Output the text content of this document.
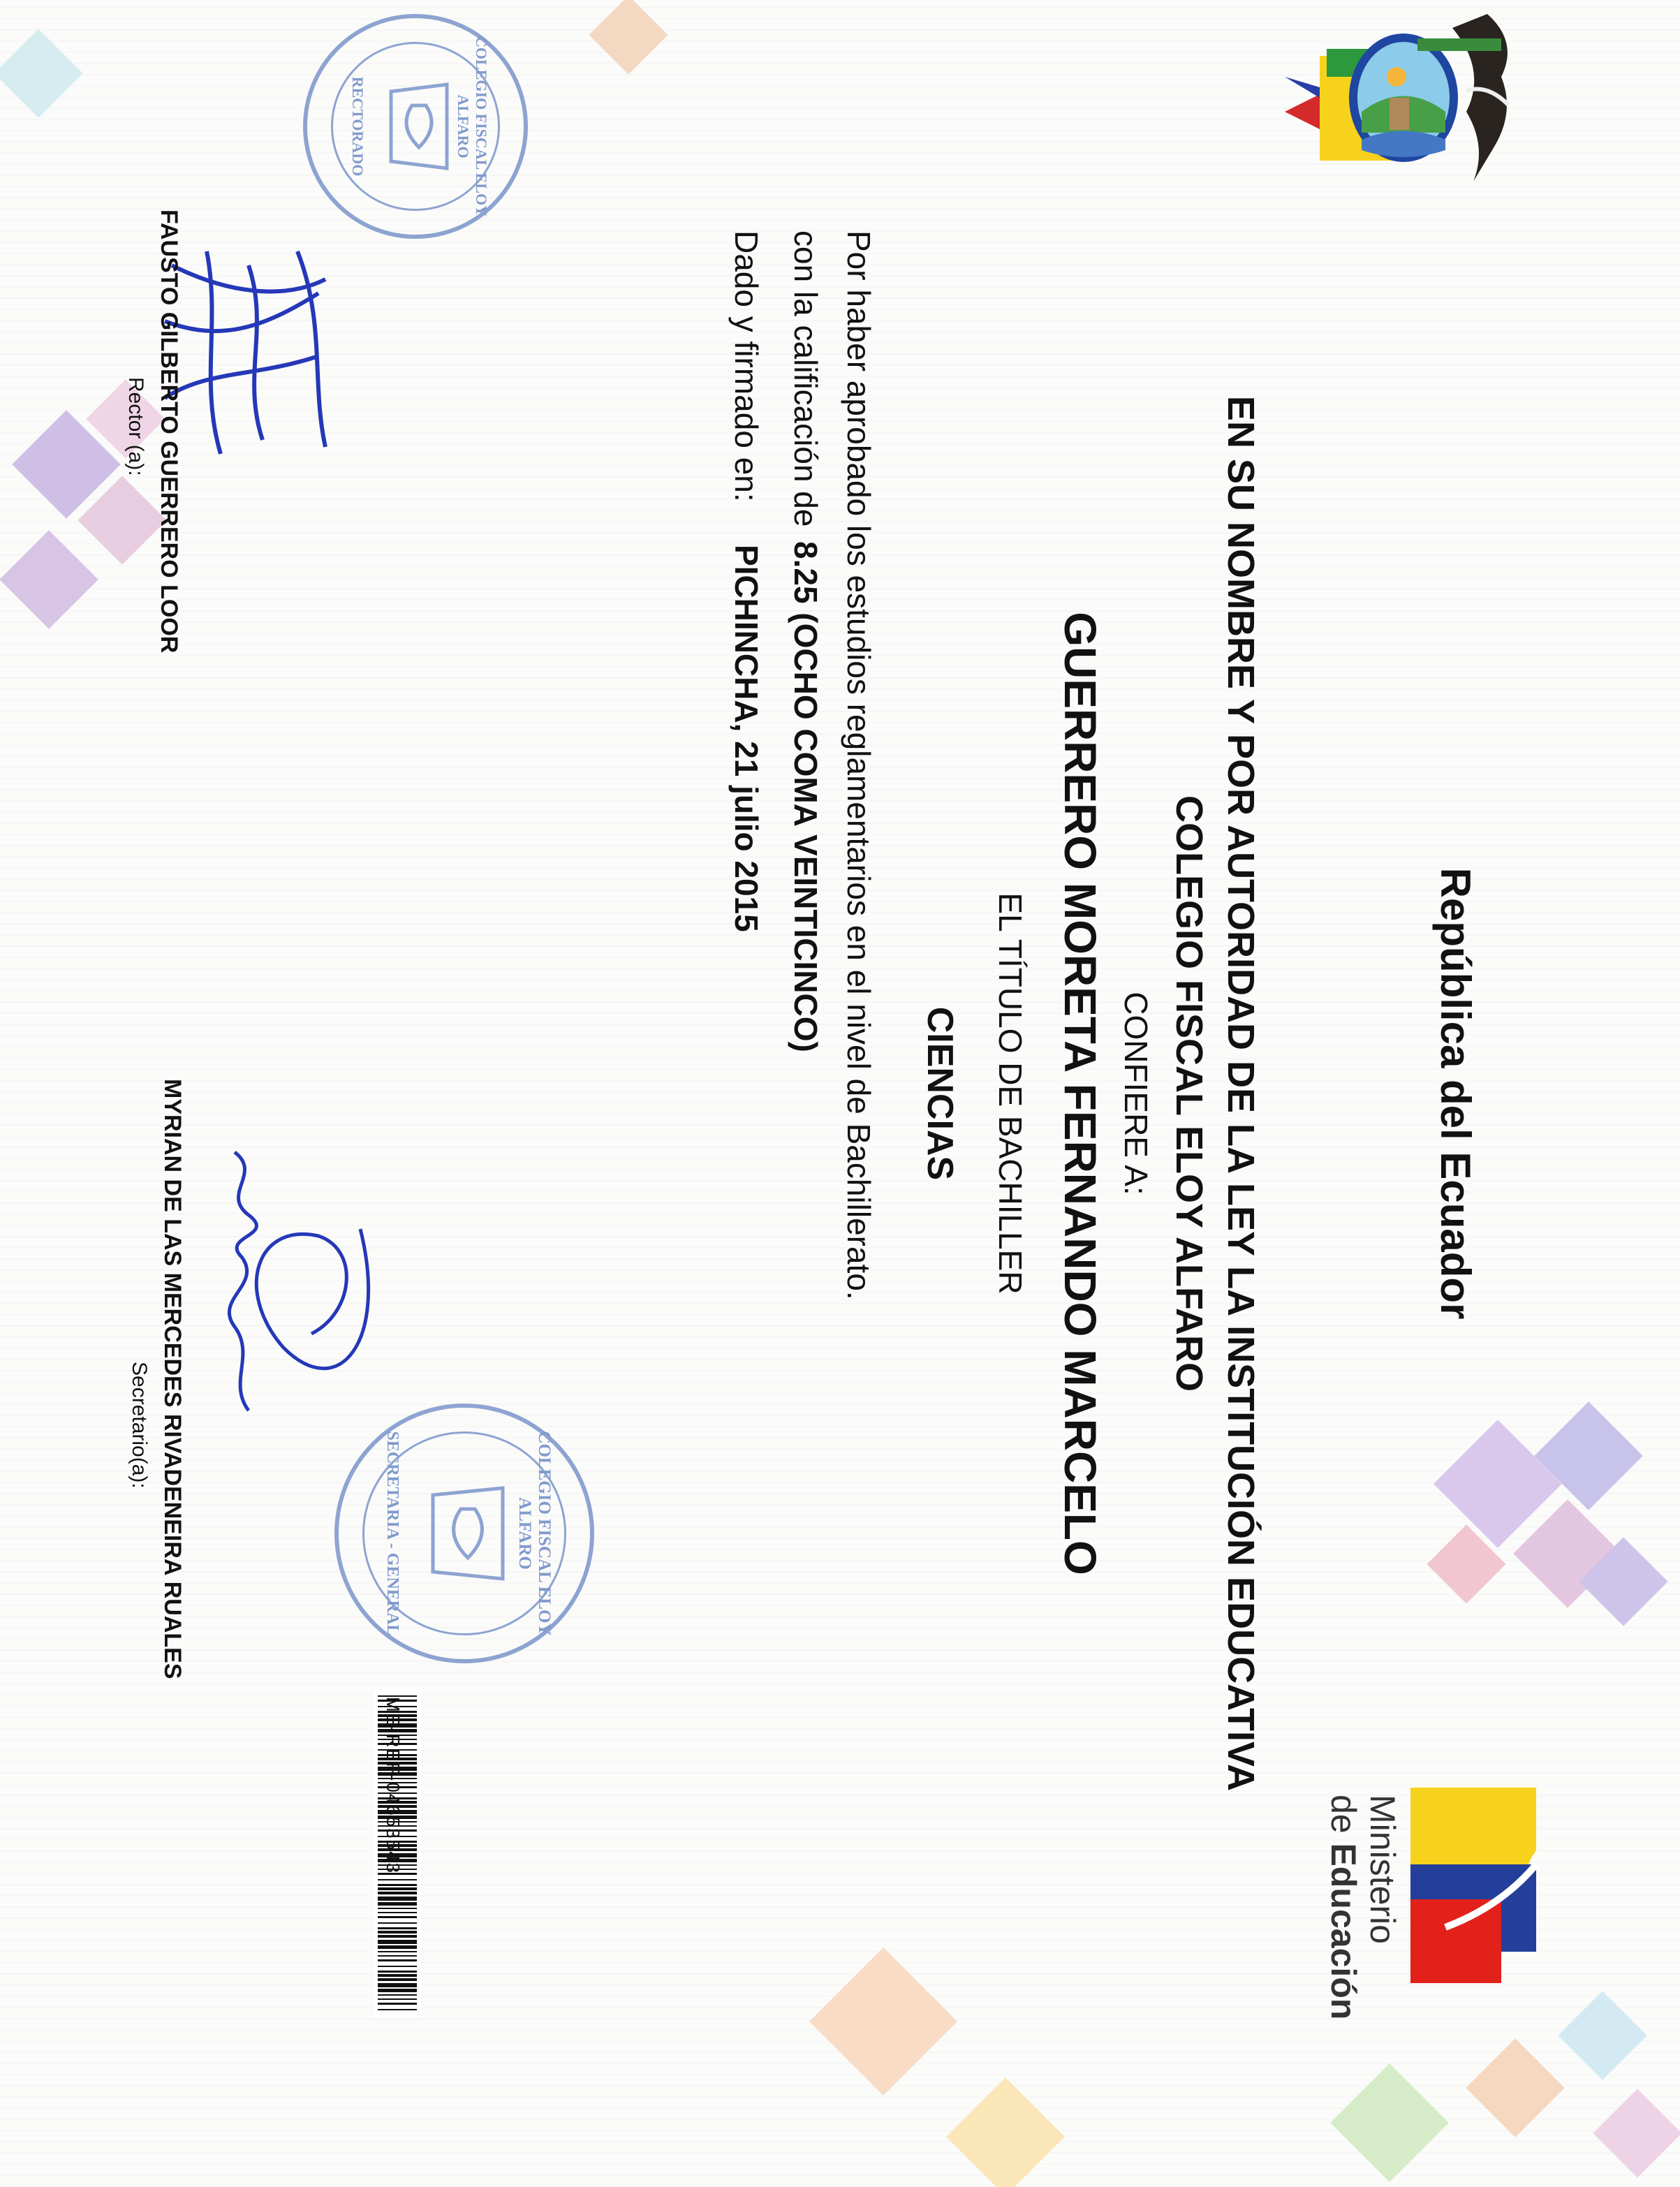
República del Ecuador
EN SU NOMBRE Y POR AUTORIDAD DE LA LEY LA INSTITUCIÓN EDUCATIVA
COLEGIO FISCAL ELOY ALFARO
CONFIERE A:
GUERRERO MORETA FERNANDO MARCELO
EL TÍTULO DE BACHILLER
CIENCIAS
Por haber aprobado los estudios reglamentarios en el nivel de Bachillerato.
con la calificación de
8.25 (OCHO COMA VEINTICINCO)
Dado y firmado en:
PICHINCHA, 21 julio 2015
Ministerio
de Educación
COLEGIO FISCAL ELOY ALFARO
RECTORADO
COLEGIO FISCAL ELOY ALFARO
SECRETARIA - GENERAL
FAUSTO GILBERTO GUERRERO LOOR
Rector (a):
MYRIAN DE LAS MERCEDES RIVADENEIRA RUALES
Secretario(a):
ME-REF-04653543
